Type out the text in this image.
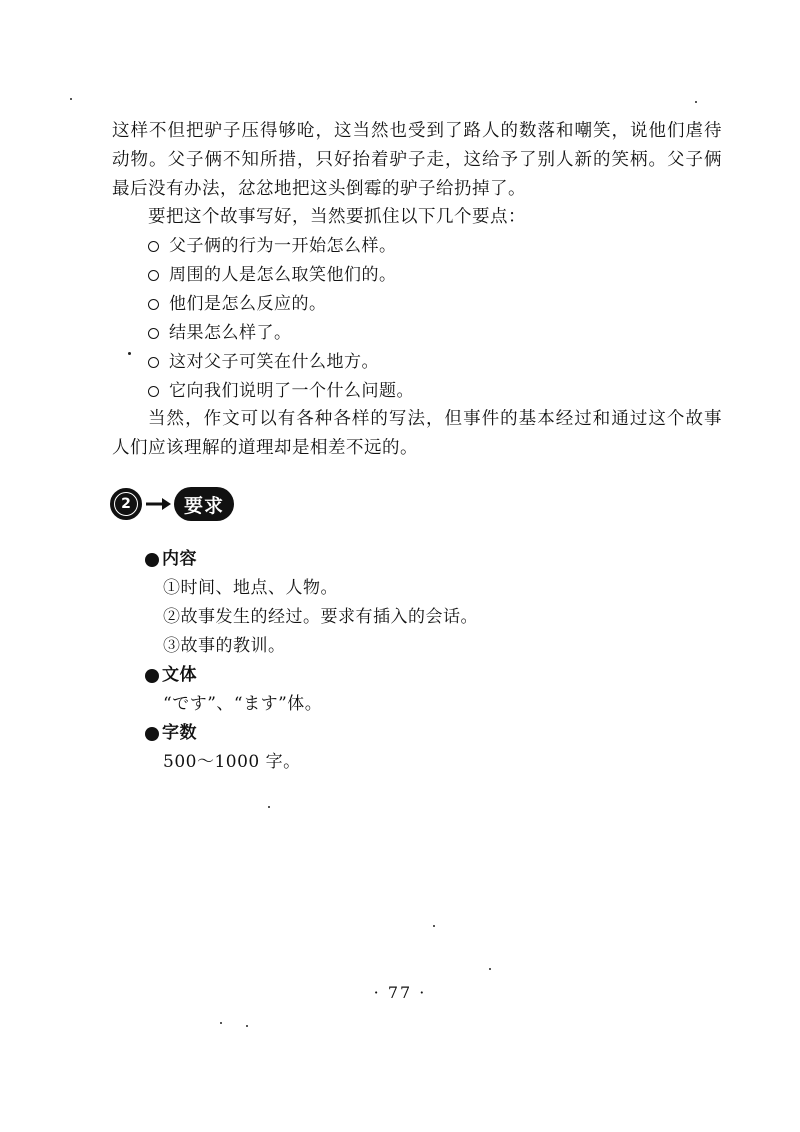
这样不但把驴子压得够呛，这当然也受到了路人的数落和嘲笑，说他们虐待动物。父子俩不知所措，只好抬着驴子走，这给予了别人新的笑柄。父子俩最后没有办法，忿忿地把这头倒霉的驴子给扔掉了。

要把这个故事写好，当然要抓住以下几个要点：

父子俩的行为一开始怎么样。
周围的人是怎么取笑他们的。
他们是怎么反应的。
结果怎么样了。
这对父子可笑在什么地方。
它向我们说明了一个什么问题。

当然，作文可以有各种各样的写法，但事件的基本经过和通过这个故事人们应该理解的道理却是相差不远的。

2	要求
内容
①时间、地点、人物。
②故事发生的经过。要求有插入的会话。
③故事的教训。
文体
“です”、“ます”体。
字数
500～1000 字。
· 77 ·
